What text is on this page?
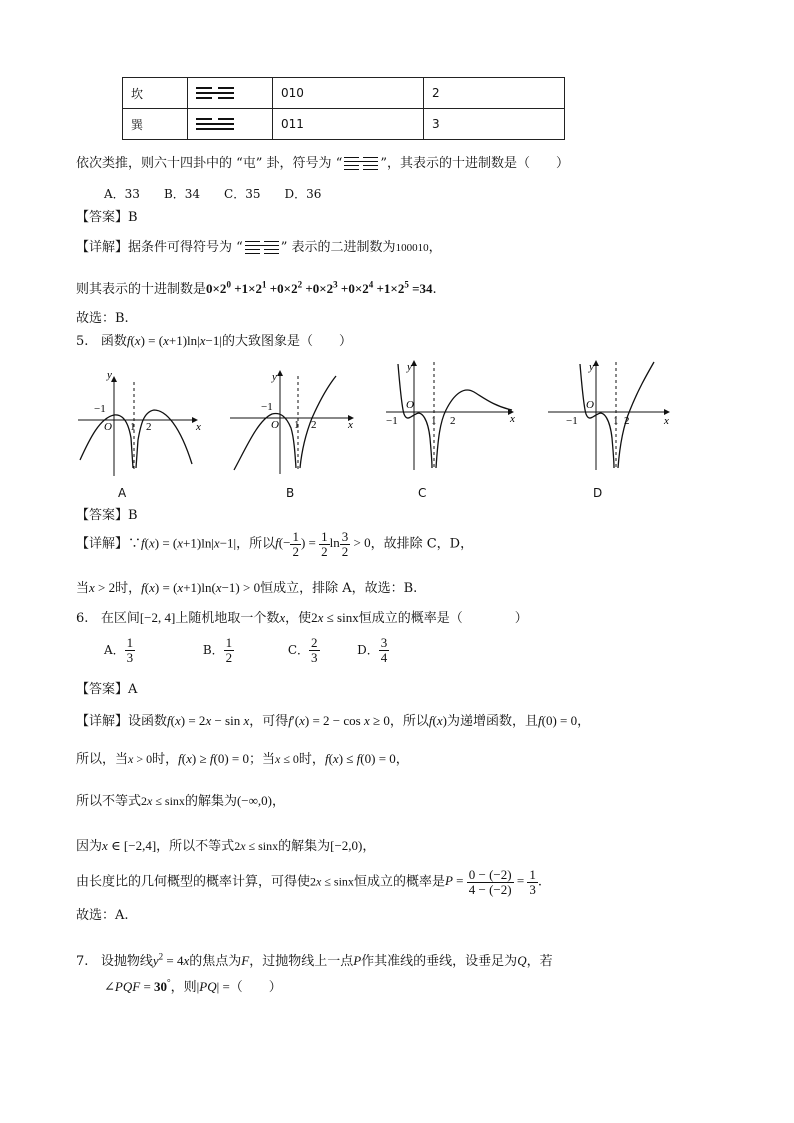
坎		010	2
巽		011	3
依次类推，则六十四卦中的 “屯” 卦，符号为 “	”，其表示的十进制数是（　　）
A．33 B．34 C．35 D．36
【答案】B
【详解】据条件可得符号为 “	” 表示的二进制数为100010，
则其表示的十进制数是$0\times 2^0 +1\times 2^1 +0\times 2^2 +0\times 2^3 +0\times 2^4 +1\times 2^5 =34$.
故选：B.
5. 函数f(x) = (x+1)ln|x−1|的大致图象是（　　）
y
−1
O 1 2	x
A
y
−1
O 1 2	x
B
y
−1
O
1 2	x
C
y
−1
O
1 2	x
D
【答案】B
【详解】∵f(x) = (x+1)ln|x−1|，所以$f(- \frac{1}{2}$ ) = $\frac{1}{2}$ $\ln \frac{3}{2} > 0$，故排除 C，D，
当x > 2时，f(x) = (x+1)ln(x−1) > 0恒成立，排除 A，故选：B.
6. 在区间[−2, 4]上随机地取一个数x，使2x ≤ sinx恒成立的概率是（　　　　）
A． $\frac{1}{3}$	B． $\frac{1}{2}$	C． $\frac{2}{3}$	D． $\frac{3}{4}$
【答案】A
【详解】设函数f(x) = 2x − sin x，可得f′(x) = 2 − cos x ≥ 0，所以f(x)为递增函数，且f(0) = 0，
所以，当x > 0时，f(x) ≥ f(0) = 0；当x ≤ 0时，f(x) ≤ f(0) = 0，
所以不等式2x ≤ sinx的解集为(−∞,0)，
因为x ∈ [−2,4]，所以不等式2x ≤ sinx的解集为[−2,0)，
由长度比的几何概型的概率计算，可得使2x ≤ sinx恒成立的概率是$P = \frac{0 - (-2)}{4 - (-2)} = \frac{1}{3}$ .
故选：A.
7. 设抛物线$y^2 = 4x$的焦点为F，过抛物线上一点P作其准线的垂线，设垂足为Q，若
∠PQF = 30°，则|PQ| =（　　）
